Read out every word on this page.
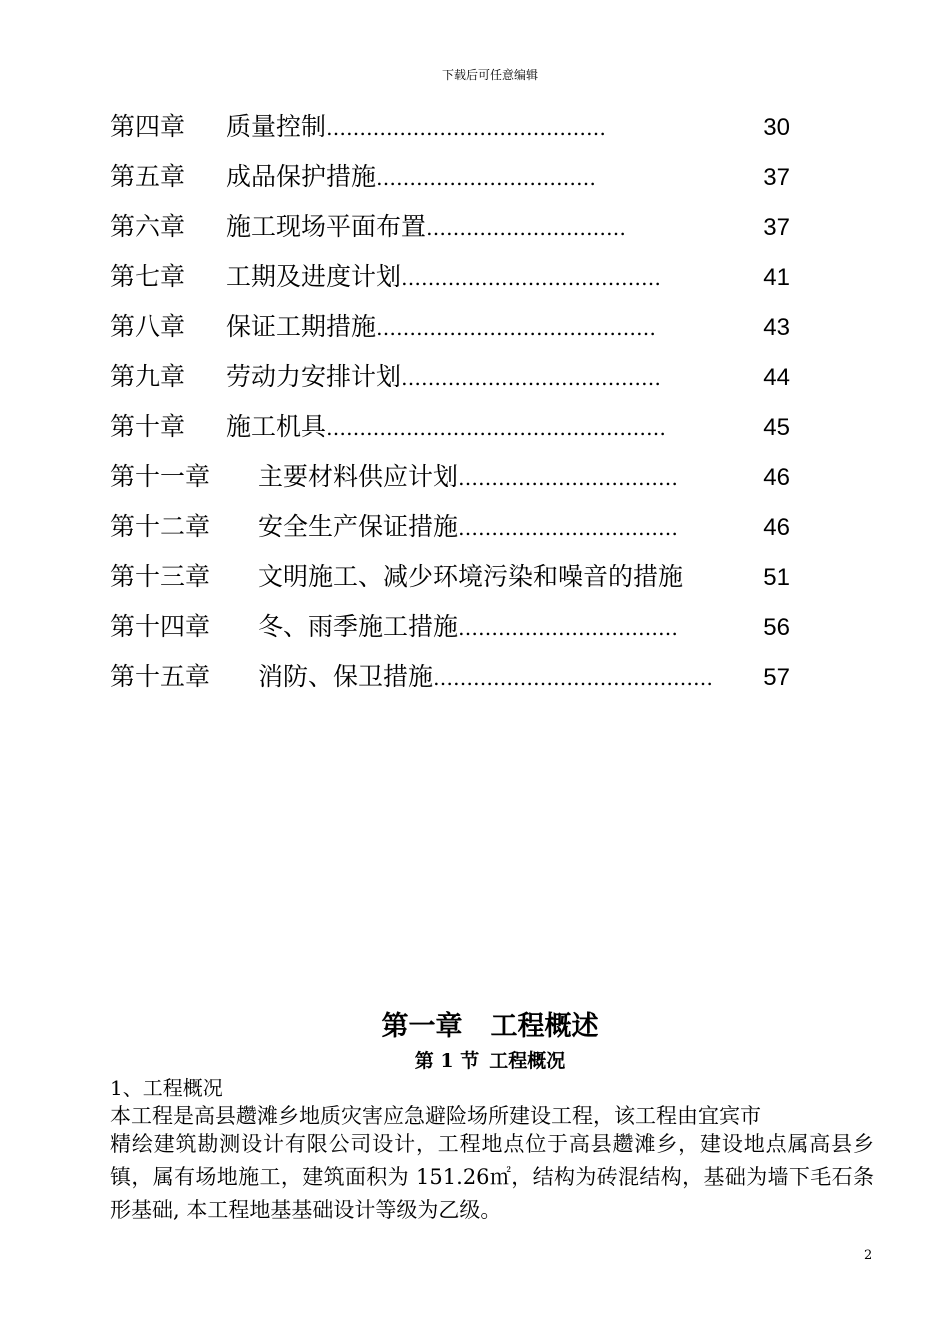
下载后可任意编辑
第四章	质量控制 ……………………………………	30
第五章	成品保护措施 ……………………………	37
第六章	施工现场平面布置 …………………………	37
第七章	工期及进度计划 …………………………………	41
第八章	保证工期措施 ……………………………………	43
第九章	劳动力安排计划 …………………………………	44
第十章	施工机具 ……………………………………………	45
第十一章	主要材料供应计划 ……………………………	46
第十二章	安全生产保证措施 ……………………………	46
第十三章	文明施工、减少环境污染和噪音的措施	51
第十四章	冬、雨季施工措施 ……………………………	56
第十五章	消防、保卫措施 ……………………………………	57
第一章 工程概述
第 1 节 工程概况
1、工程概况
本工程是高县趱滩乡地质灾害应急避险场所建设工程，该工程由宜宾市
精绘建筑勘测设计有限公司设计，工程地点位于高县趱滩乡，建设地点属高县乡镇，属有场地施工，建筑面积为 151.26㎡，结构为砖混结构，基础为墙下毛石条形基础, 本工程地基基础设计等级为乙级。
2
